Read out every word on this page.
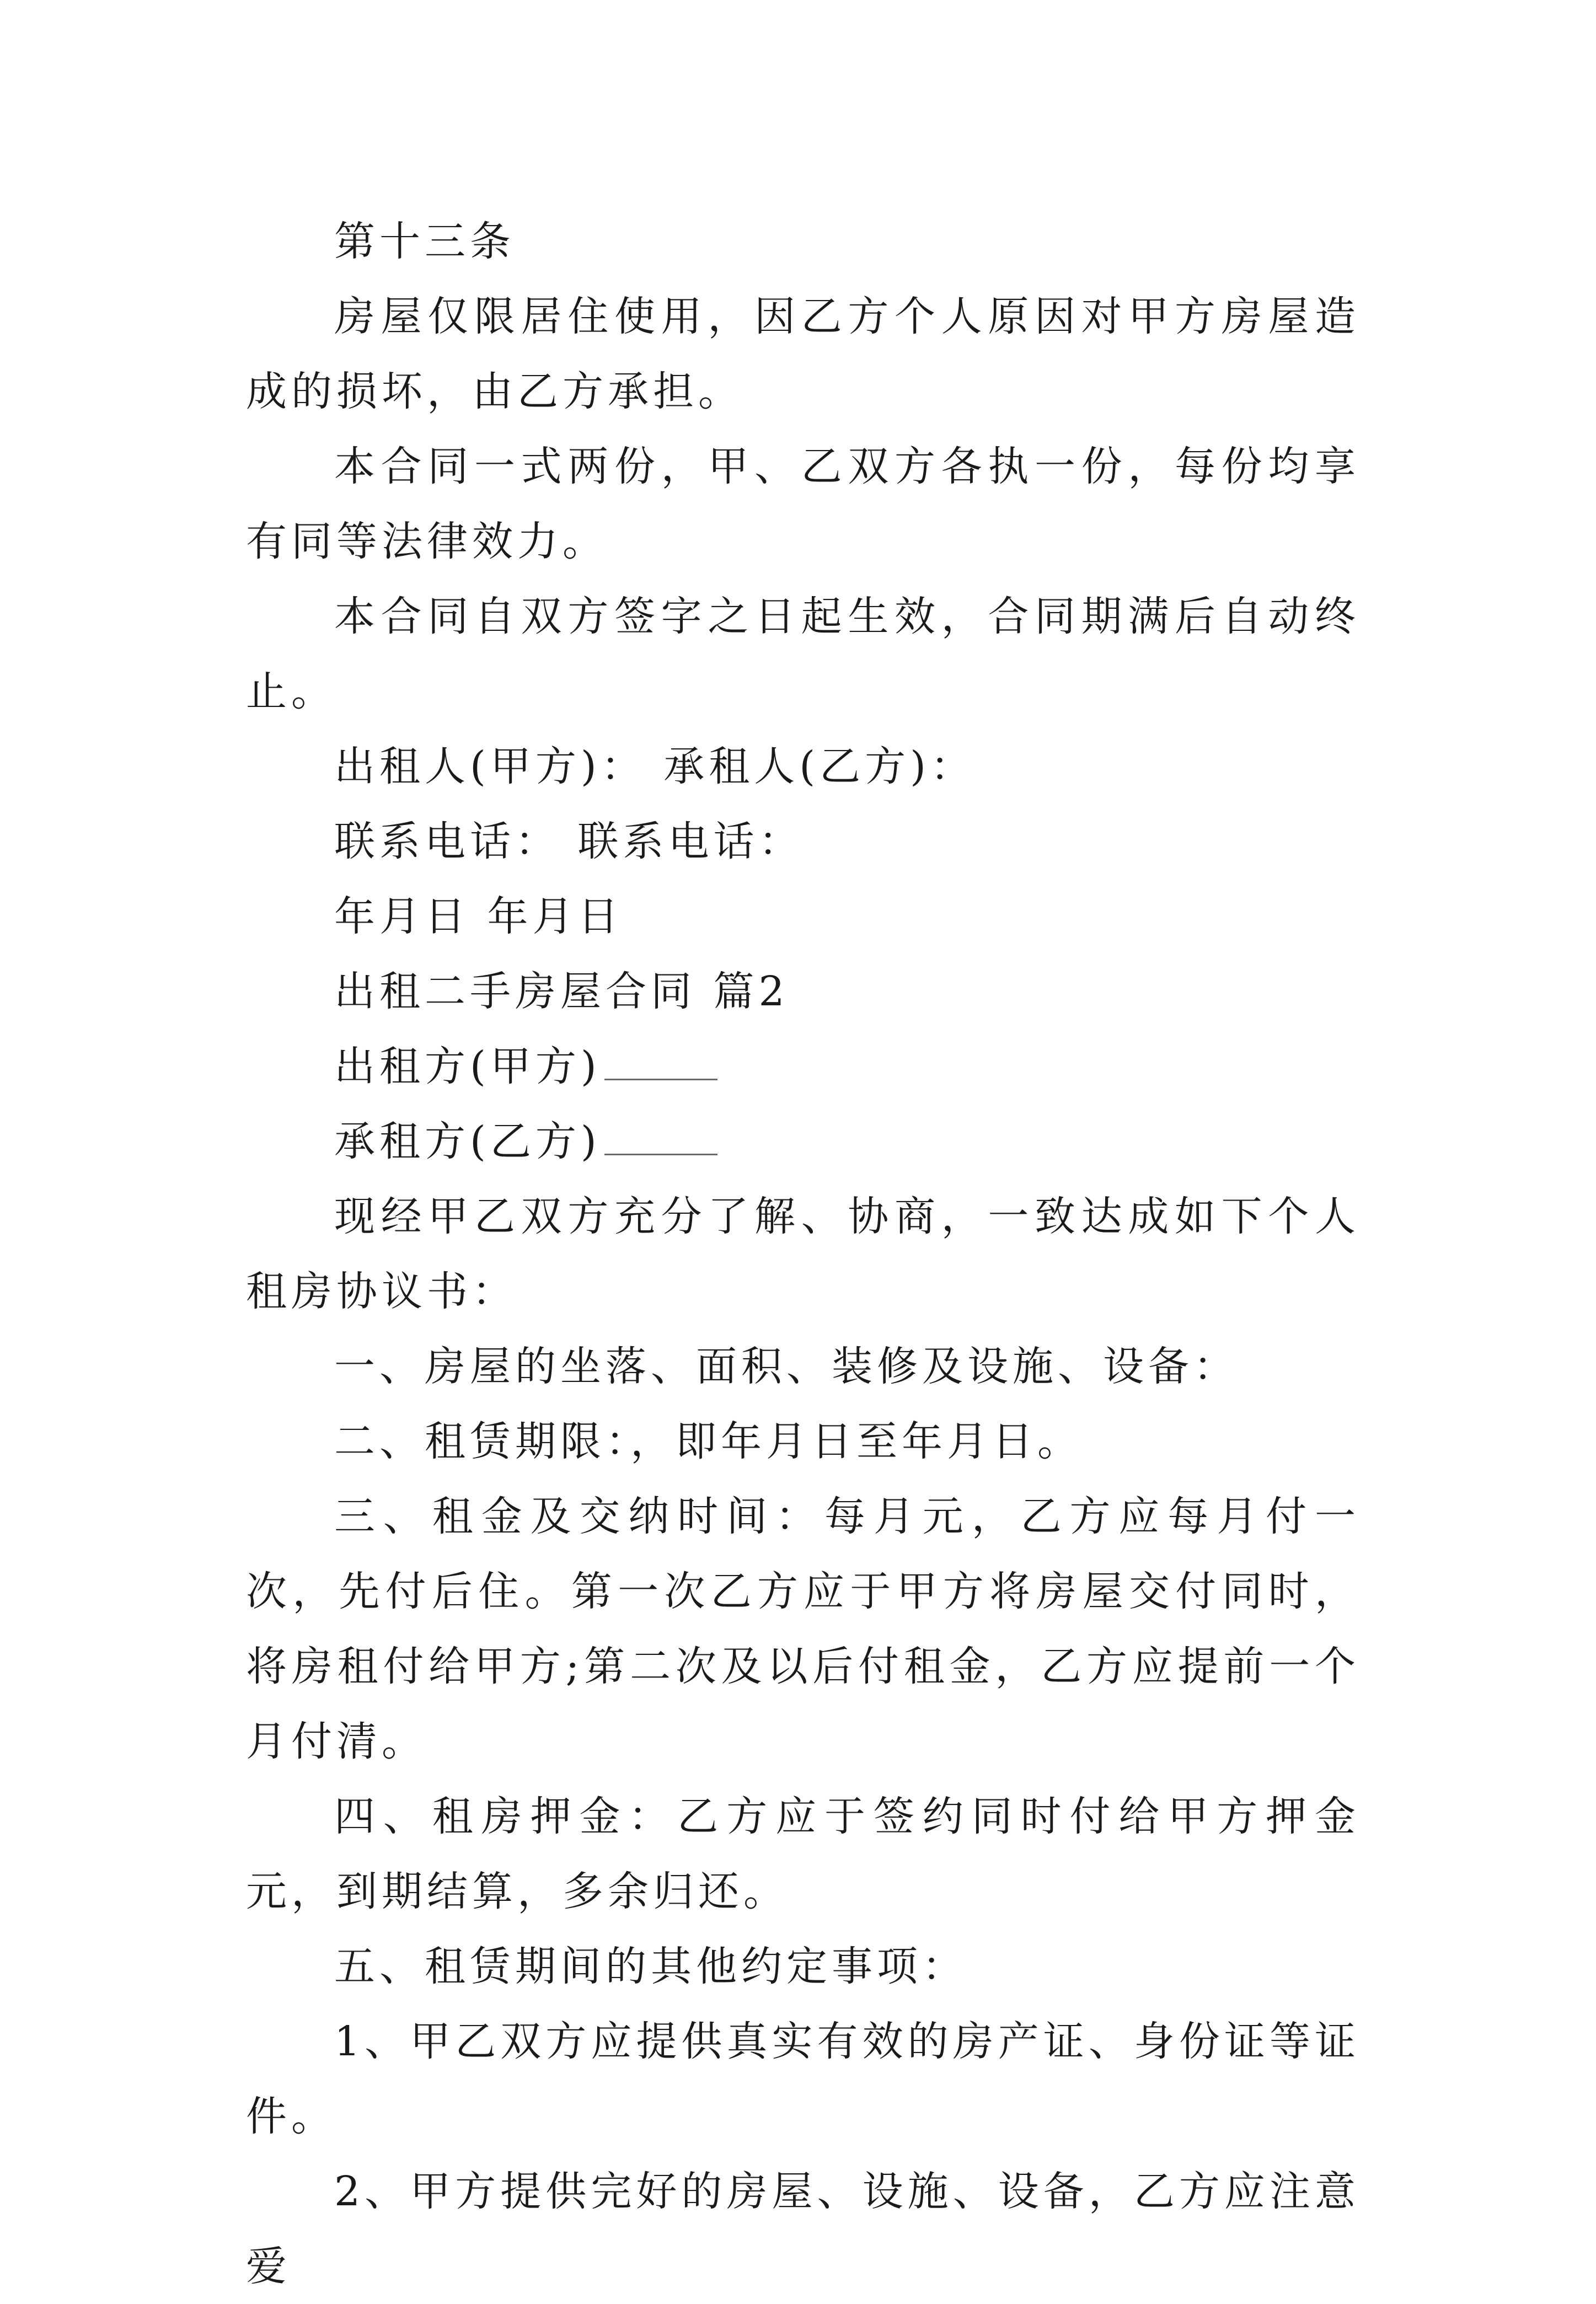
第十三条

房屋仅限居住使用，因乙方个人原因对甲方房屋造成的损坏，由乙方承担。

本合同一式两份，甲、乙双方各执一份，每份均享有同等法律效力。

本合同自双方签字之日起生效，合同期满后自动终止。

出租人(甲方)： 承租人(乙方)：

联系电话： 联系电话：

年月日 年月日

出租二手房屋合同 篇2

出租方(甲方)

承租方(乙方)

现经甲乙双方充分了解、协商，一致达成如下个人租房协议书：

一、房屋的坐落、面积、装修及设施、设备：

二、租赁期限：，即年月日至年月日。

三、租金及交纳时间：每月元，乙方应每月付一次，先付后住。第一次乙方应于甲方将房屋交付同时，将房租付给甲方;第二次及以后付租金，乙方应提前一个月付清。

四、租房押金：乙方应于签约同时付给甲方押金元，到期结算，多余归还。

五、租赁期间的其他约定事项：

1、甲乙双方应提供真实有效的房产证、身份证等证件。

2、甲方提供完好的房屋、设施、设备，乙方应注意爱
